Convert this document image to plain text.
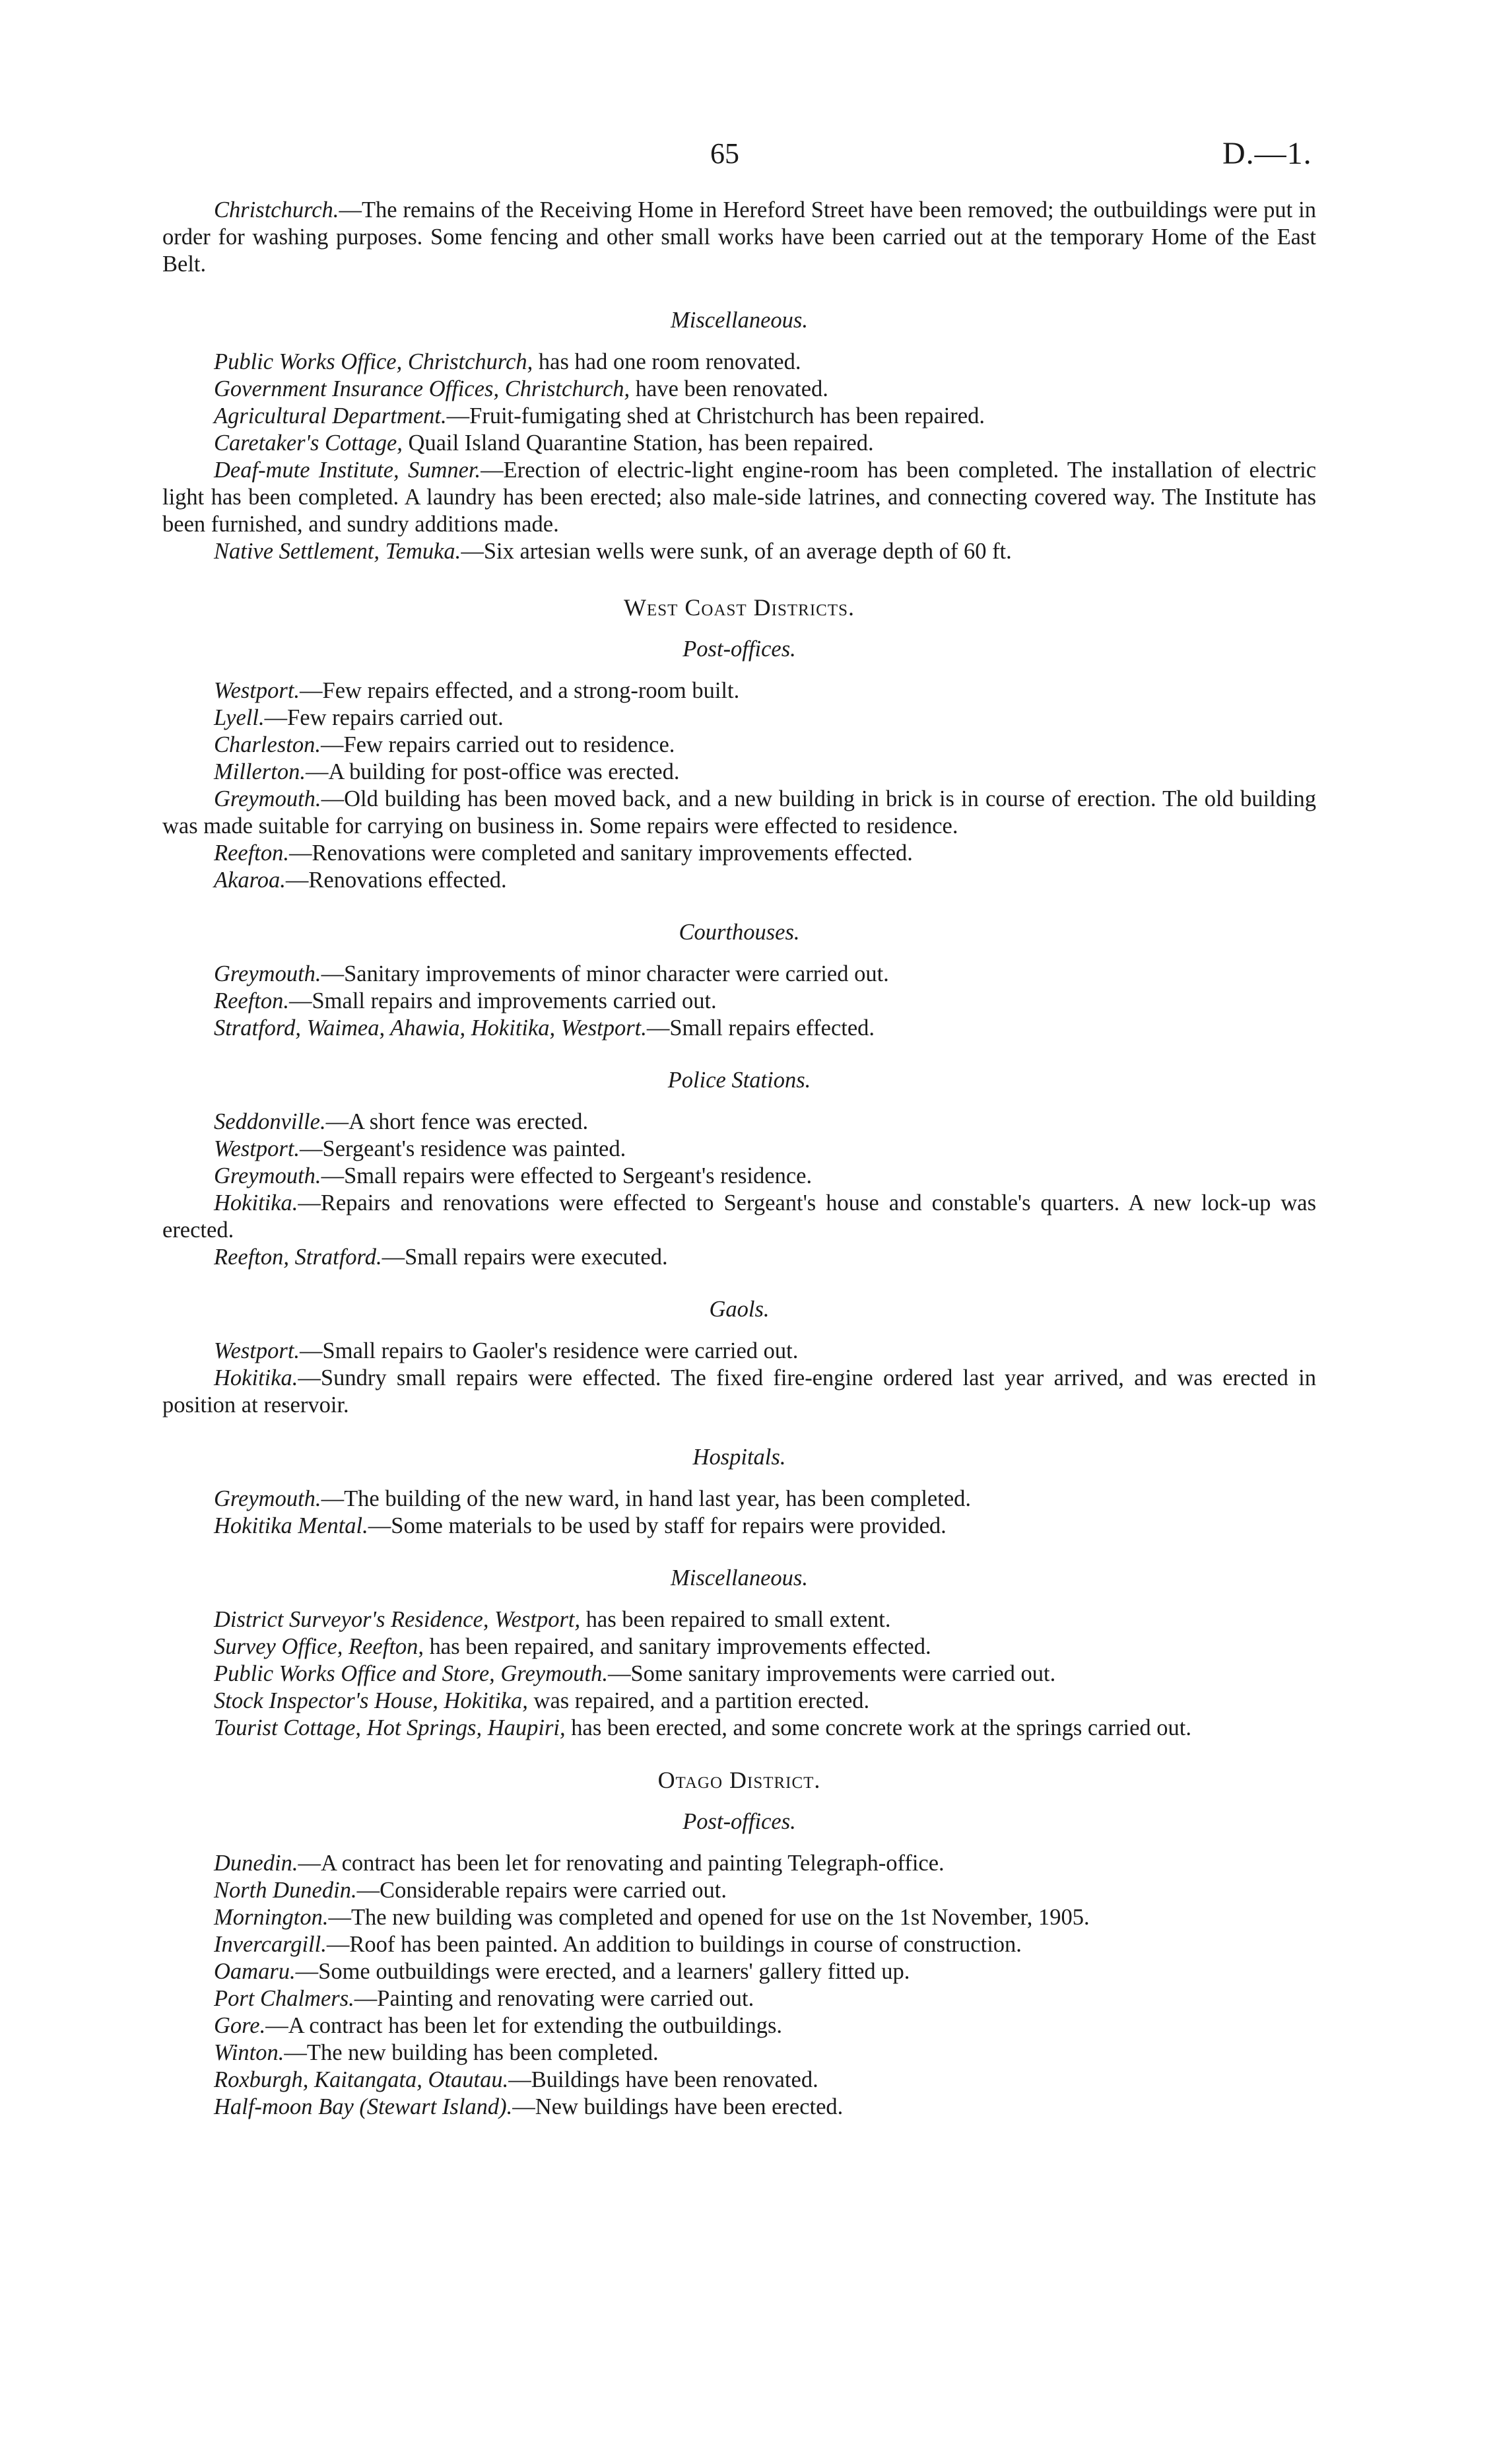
65	D.—1.

Christchurch.—The remains of the Receiving Home in Hereford Street have been removed; the outbuildings were put in order for washing purposes. Some fencing and other small works have been carried out at the temporary Home of the East Belt.

Miscellaneous.

Public Works Office, Christchurch, has had one room renovated.

Government Insurance Offices, Christchurch, have been renovated.

Agricultural Department.—Fruit-fumigating shed at Christchurch has been repaired.

Caretaker's Cottage, Quail Island Quarantine Station, has been repaired.

Deaf-mute Institute, Sumner.—Erection of electric-light engine-room has been completed. The installation of electric light has been completed. A laundry has been erected; also male-side latrines, and connecting covered way. The Institute has been furnished, and sundry additions made.

Native Settlement, Temuka.—Six artesian wells were sunk, of an average depth of 60 ft.

West Coast Districts.
Post-offices.

Westport.—Few repairs effected, and a strong-room built.

Lyell.—Few repairs carried out.

Charleston.—Few repairs carried out to residence.

Millerton.—A building for post-office was erected.

Greymouth.—Old building has been moved back, and a new building in brick is in course of erection. The old building was made suitable for carrying on business in. Some repairs were effected to residence.

Reefton.—Renovations were completed and sanitary improvements effected.

Akaroa.—Renovations effected.

Courthouses.

Greymouth.—Sanitary improvements of minor character were carried out.

Reefton.—Small repairs and improvements carried out.

Stratford, Waimea, Ahawia, Hokitika, Westport.—Small repairs effected.

Police Stations.

Seddonville.—A short fence was erected.

Westport.—Sergeant's residence was painted.

Greymouth.—Small repairs were effected to Sergeant's residence.

Hokitika.—Repairs and renovations were effected to Sergeant's house and constable's quarters. A new lock-up was erected.

Reefton, Stratford.—Small repairs were executed.

Gaols.

Westport.—Small repairs to Gaoler's residence were carried out.

Hokitika.—Sundry small repairs were effected. The fixed fire-engine ordered last year arrived, and was erected in position at reservoir.

Hospitals.

Greymouth.—The building of the new ward, in hand last year, has been completed.

Hokitika Mental.—Some materials to be used by staff for repairs were provided.

Miscellaneous.

District Surveyor's Residence, Westport, has been repaired to small extent.

Survey Office, Reefton, has been repaired, and sanitary improvements effected.

Public Works Office and Store, Greymouth.—Some sanitary improvements were carried out.

Stock Inspector's House, Hokitika, was repaired, and a partition erected.

Tourist Cottage, Hot Springs, Haupiri, has been erected, and some concrete work at the springs carried out.

Otago District.
Post-offices.

Dunedin.—A contract has been let for renovating and painting Telegraph-office.

North Dunedin.—Considerable repairs were carried out.

Mornington.—The new building was completed and opened for use on the 1st November, 1905.

Invercargill.—Roof has been painted. An addition to buildings in course of construction.

Oamaru.—Some outbuildings were erected, and a learners' gallery fitted up.

Port Chalmers.—Painting and renovating were carried out.

Gore.—A contract has been let for extending the outbuildings.

Winton.—The new building has been completed.

Roxburgh, Kaitangata, Otautau.—Buildings have been renovated.

Half-moon Bay (Stewart Island).—New buildings have been erected.
